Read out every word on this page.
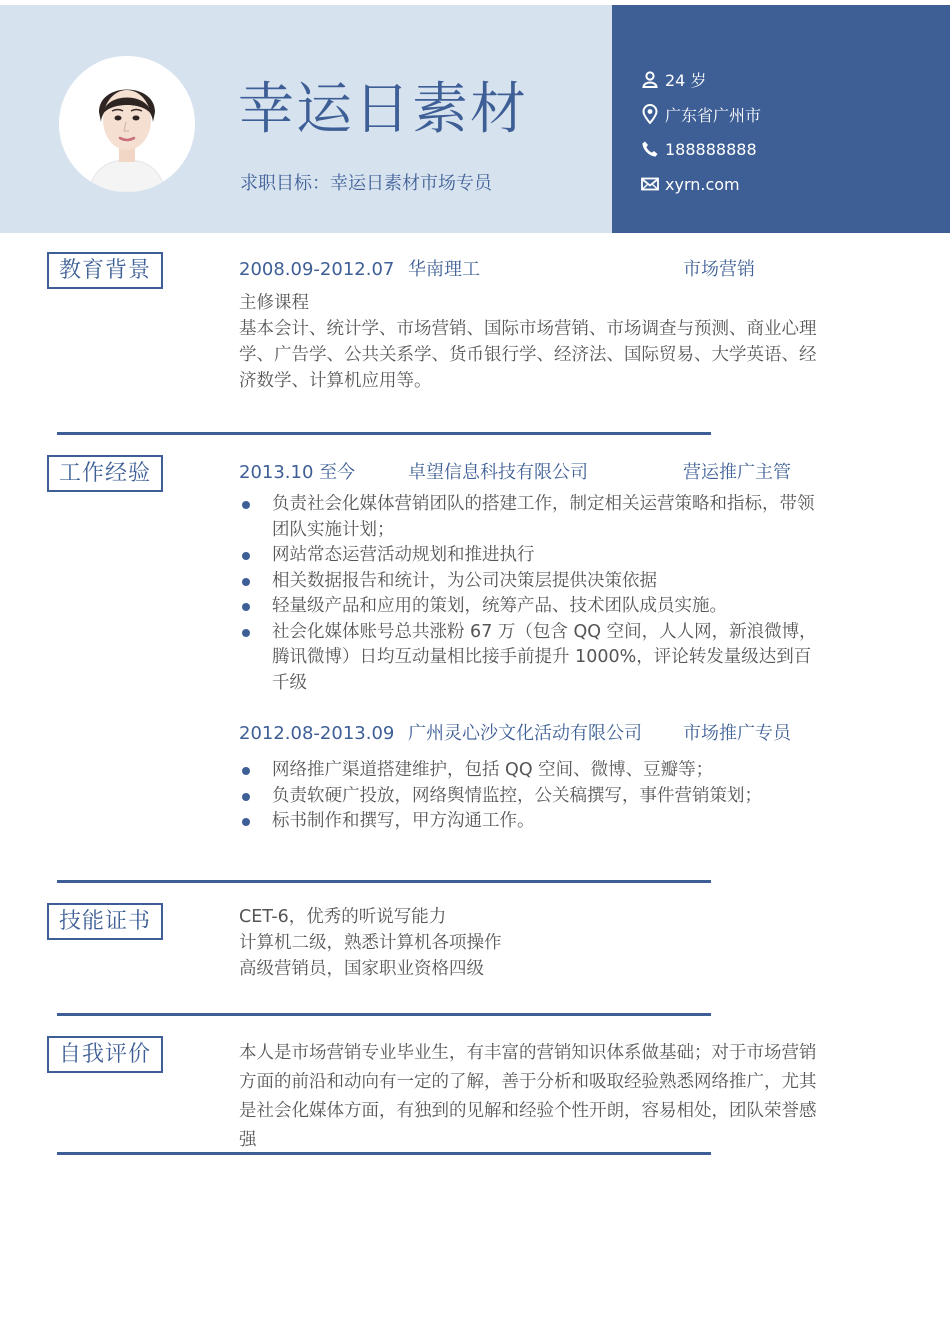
幸运日素材
求职目标：幸运日素材市场专员
24 岁
广东省广州市
188888888
xyrn.com
教育背景	2008.09-2012.07 华南理工	市场营销

主修课程

基本会计、统计学、市场营销、国际市场营销、市场调查与预测、商业心理

学、广告学、公共关系学、货币银行学、经济法、国际贸易、大学英语、经

济数学、计算机应用等。

工作经验	2013.10 至今	卓望信息科技有限公司	营运推广主管

负责社会化媒体营销团队的搭建工作，制定相关运营策略和指标，带领

团队实施计划；

网站常态运营活动规划和推进执行

相关数据报告和统计，为公司决策层提供决策依据

轻量级产品和应用的策划，统筹产品、技术团队成员实施。

社会化媒体账号总共涨粉 67 万（包含 QQ 空间，人人网，新浪微博，

腾讯微博）日均互动量相比接手前提升 1000%，评论转发量级达到百

千级

2012.08-2013.09 广州灵心沙文化活动有限公司 市场推广专员

网络推广渠道搭建维护，包括 QQ 空间、微博、豆瓣等；

负责软硬广投放，网络舆情监控，公关稿撰写，事件营销策划；

标书制作和撰写，甲方沟通工作。

技能证书	CET-6，优秀的听说写能力

计算机二级，熟悉计算机各项操作

高级营销员，国家职业资格四级

自我评价	本人是市场营销专业毕业生，有丰富的营销知识体系做基础；对于市场营销

方面的前沿和动向有一定的了解，善于分析和吸取经验熟悉网络推广，尤其

是社会化媒体方面，有独到的见解和经验个性开朗，容易相处，团队荣誉感

强
